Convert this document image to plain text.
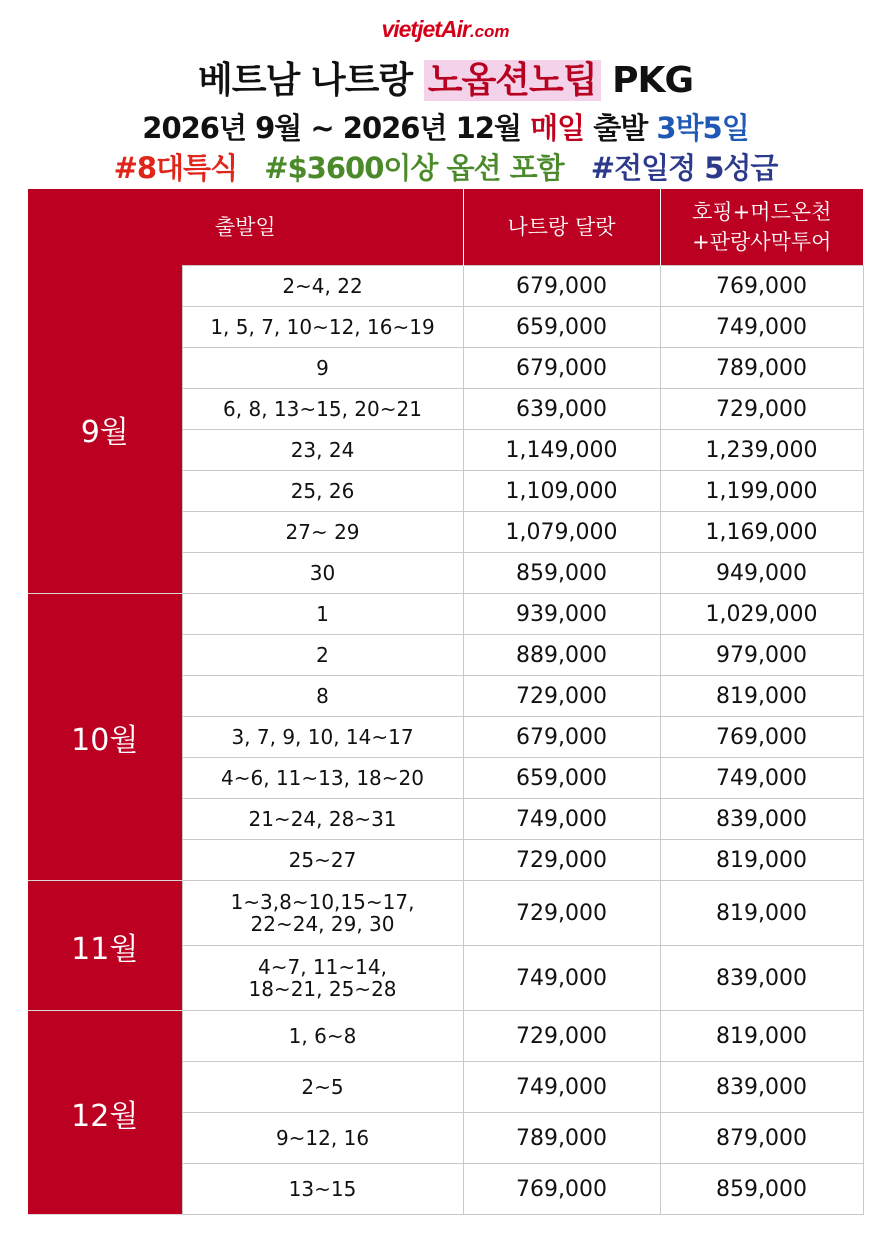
vietjetAir.com
베트남 나트랑 노옵션노팁 PKG
2026년 9월 ~ 2026년 12월 매일 출발 3박5일
#8대특식 #$3600이상 옵션 포함 #전일정 5성급
출발일		나트랑 달랏	호핑+머드온천
+판랑사막투어
9월	2~4, 22	679,000	769,000
	1, 5, 7, 10~12, 16~19	659,000	749,000
	9	679,000	789,000
	6, 8, 13~15, 20~21	639,000	729,000
	23, 24	1,149,000	1,239,000
	25, 26	1,109,000	1,199,000
	27~ 29	1,079,000	1,169,000
	30	859,000	949,000
10월	1	939,000	1,029,000
	2	889,000	979,000
	8	729,000	819,000
	3, 7, 9, 10, 14~17	679,000	769,000
	4~6, 11~13, 18~20	659,000	749,000
	21~24, 28~31	749,000	839,000
	25~27	729,000	819,000
11월	1~3,8~10,15~17,
22~24, 29, 30	729,000	819,000
	4~7, 11~14,
18~21, 25~28	749,000	839,000
12월	1, 6~8	729,000	819,000
	2~5	749,000	839,000
	9~12, 16	789,000	879,000
	13~15	769,000	859,000
